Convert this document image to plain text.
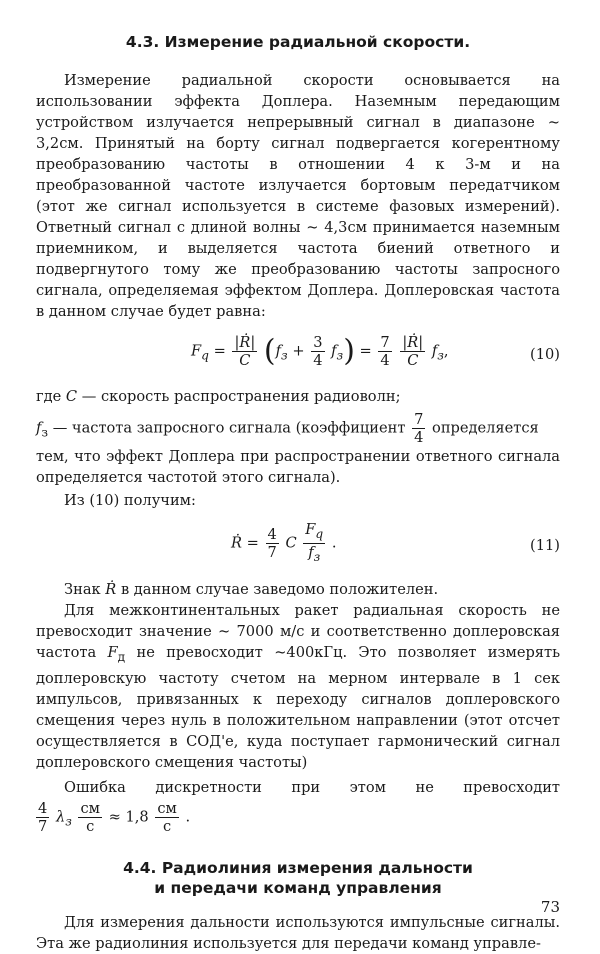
4.3. Измерение радиальной скорости.

Измерение радиальной скорости основывается на использовании эффекта Доплера. Наземным передающим устройством излучается непрерывный сигнал в диапазоне ~ 3,2см. Принятый на борту сигнал подвергается когерентному преобразованию частоты в отношении 4 к 3-м и на преобразованной частоте излучается бортовым передатчиком (этот же сигнал используется в системе фазовых измерений). Ответный сигнал с длиной волны ~ 4,3см принимается наземным приемником, и выделяется частота биений ответного и подвергнутого тому же преобразованию частоты запросного сигнала, определяемая эффектом Доплера. Доплеровская частота в данном случае будет равна:

$F_q = \frac{\text{|Ṙ|}}{C} (f_з + \frac{3}{4} f_з) = \frac{7}{4}$
$\frac{\text{|Ṙ|}}{C} f_з$,	(10)

где C — скорость распространения радиоволн;

$f_з$ — частота запросного сигнала (коэффициент $\frac{7}{4}$ определяется

тем, что эффект Доплера при распространении ответного сигнала определяется частотой этого сигнала).

Из (10) получим:

Ṙ = $\frac{4}{7}$ C $\frac{F_q}{f_з}$ .	(11)

Знак Ṙ в данном случае заведомо положителен.

Для межконтинентальных ракет радиальная скорость не превосходит значение ~ 7000 м/с и соответственно доплеровская частота $F_д$ не превосходит ~400кГц. Это позволяет измерять доплеровскую частоту счетом на мерном интервале в 1 сек импульсов, привязанных к переходу сигналов доплеровского смещения через нуль в положительном направлении (этот отсчет осуществляется в СОД'е, куда поступает гармонический сигнал доплеровского смещения частоты)

Ошибка дискретности при этом не превосходит

$\frac{4}{7} \lambda_з \frac{см}{с} \approx 1,8 \frac{см}{с}$ .

4.4. Радиолиния измерения дальности

и передачи команд управления

Для измерения дальности используются импульсные сигналы. Эта же радиолиния используется для передачи команд управле-

73
